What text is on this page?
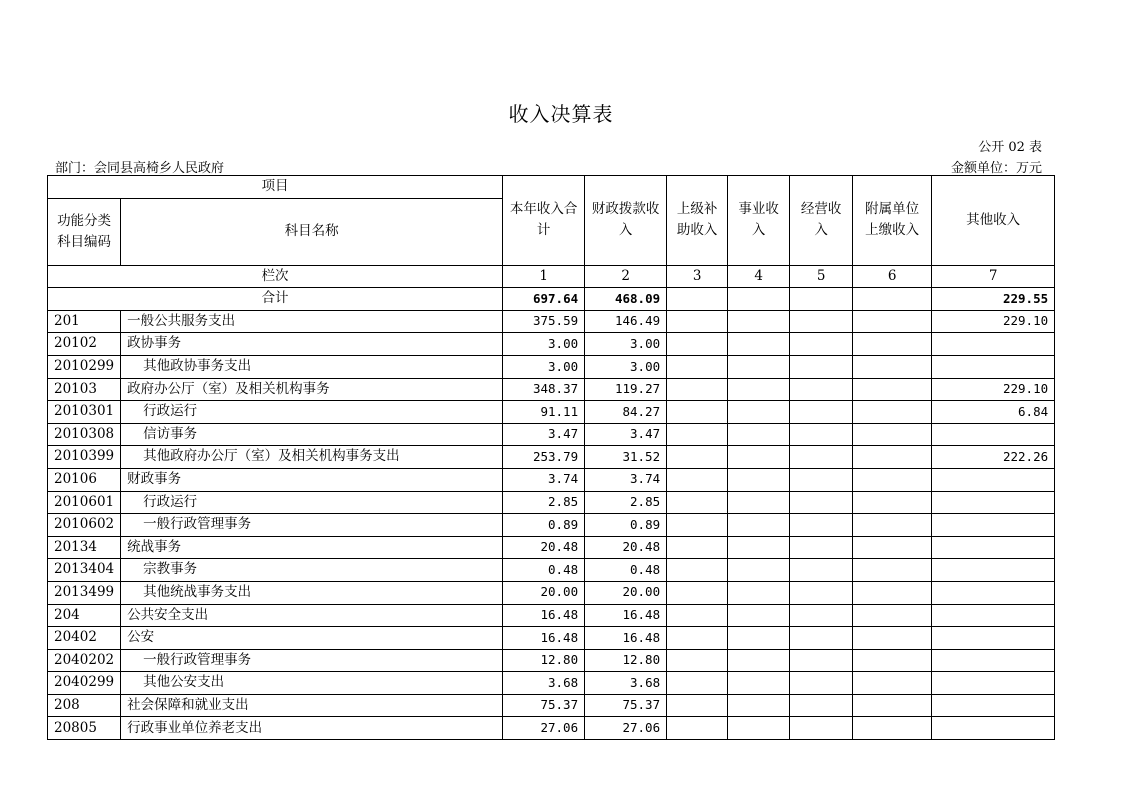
收入决算表
公开 02 表
部门：会同县高椅乡人民政府	金额单位：万元
项目		本年收入合计	财政拨款收入	上级补助收入	事业收入	经营收入	附属单位上缴收入	其他收入
功能分类科目编码	科目名称							
栏次		1	2	3	4	5	6	7
合计		697.64	468.09					229.55
201	一般公共服务支出	375.59	146.49					229.10
20102	政协事务	3.00	3.00					
2010299	其他政协事务支出	3.00	3.00					
20103	政府办公厅（室）及相关机构事务	348.37	119.27					229.10
2010301	行政运行	91.11	84.27					6.84
2010308	信访事务	3.47	3.47					
2010399	其他政府办公厅（室）及相关机构事务支出	253.79	31.52					222.26
20106	财政事务	3.74	3.74					
2010601	行政运行	2.85	2.85					
2010602	一般行政管理事务	0.89	0.89					
20134	统战事务	20.48	20.48					
2013404	宗教事务	0.48	0.48					
2013499	其他统战事务支出	20.00	20.00					
204	公共安全支出	16.48	16.48					
20402	公安	16.48	16.48					
2040202	一般行政管理事务	12.80	12.80					
2040299	其他公安支出	3.68	3.68					
208	社会保障和就业支出	75.37	75.37					
20805	行政事业单位养老支出	27.06	27.06					
